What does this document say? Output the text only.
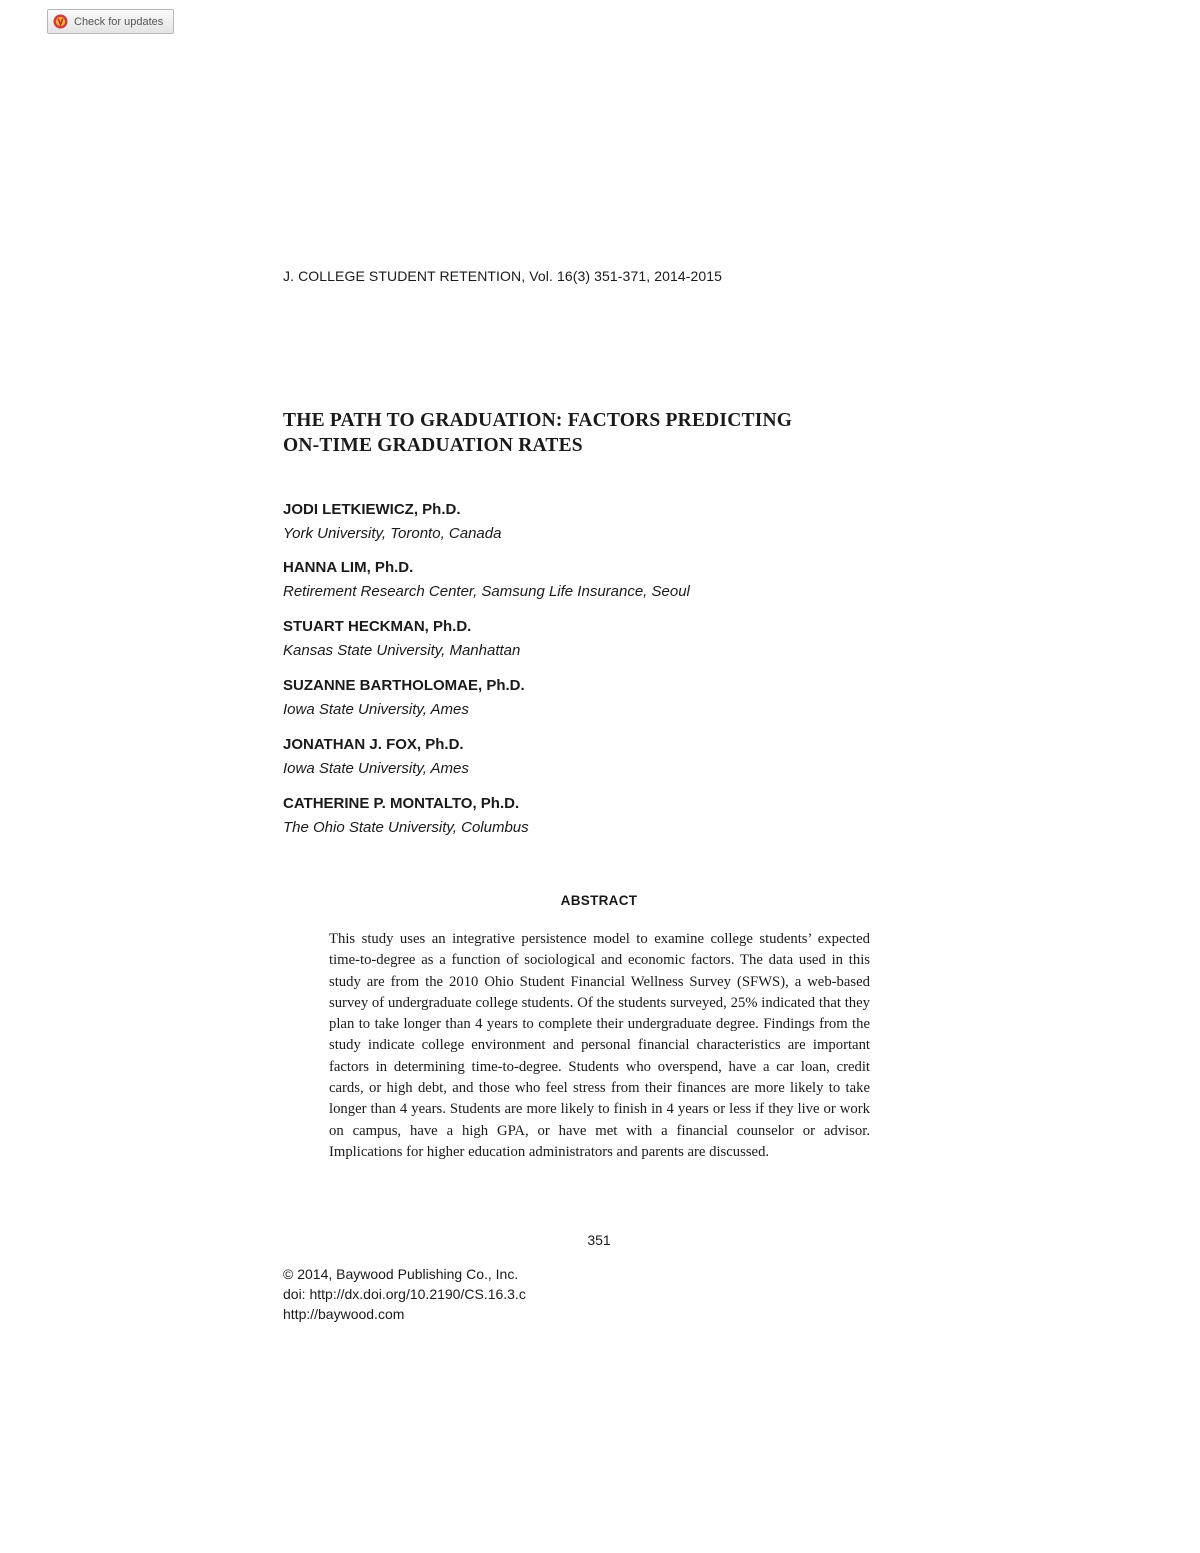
Check for updates
J. COLLEGE STUDENT RETENTION, Vol. 16(3) 351-371, 2014-2015
THE PATH TO GRADUATION: FACTORS PREDICTING
ON-TIME GRADUATION RATES
JODI LETKIEWICZ, Ph.D.
York University, Toronto, Canada
HANNA LIM, Ph.D.
Retirement Research Center, Samsung Life Insurance, Seoul
STUART HECKMAN, Ph.D.
Kansas State University, Manhattan
SUZANNE BARTHOLOMAE, Ph.D.
Iowa State University, Ames
JONATHAN J. FOX, Ph.D.
Iowa State University, Ames
CATHERINE P. MONTALTO, Ph.D.
The Ohio State University, Columbus
ABSTRACT

This study uses an integrative persistence model to examine college students’ expected time-to-degree as a function of sociological and economic factors. The data used in this study are from the 2010 Ohio Student Financial Wellness Survey (SFWS), a web-based survey of undergraduate college students. Of the students surveyed, 25% indicated that they plan to take longer than 4 years to complete their undergraduate degree. Findings from the study indicate college environment and personal financial characteristics are important factors in determining time-to-degree. Students who overspend, have a car loan, credit cards, or high debt, and those who feel stress from their finances are more likely to take longer than 4 years. Students are more likely to finish in 4 years or less if they live or work on campus, have a high GPA, or have met with a financial counselor or advisor. Implications for higher education administrators and parents are discussed.

351
© 2014, Baywood Publishing Co., Inc.
doi: http://dx.doi.org/10.2190/CS.16.3.c
http://baywood.com
